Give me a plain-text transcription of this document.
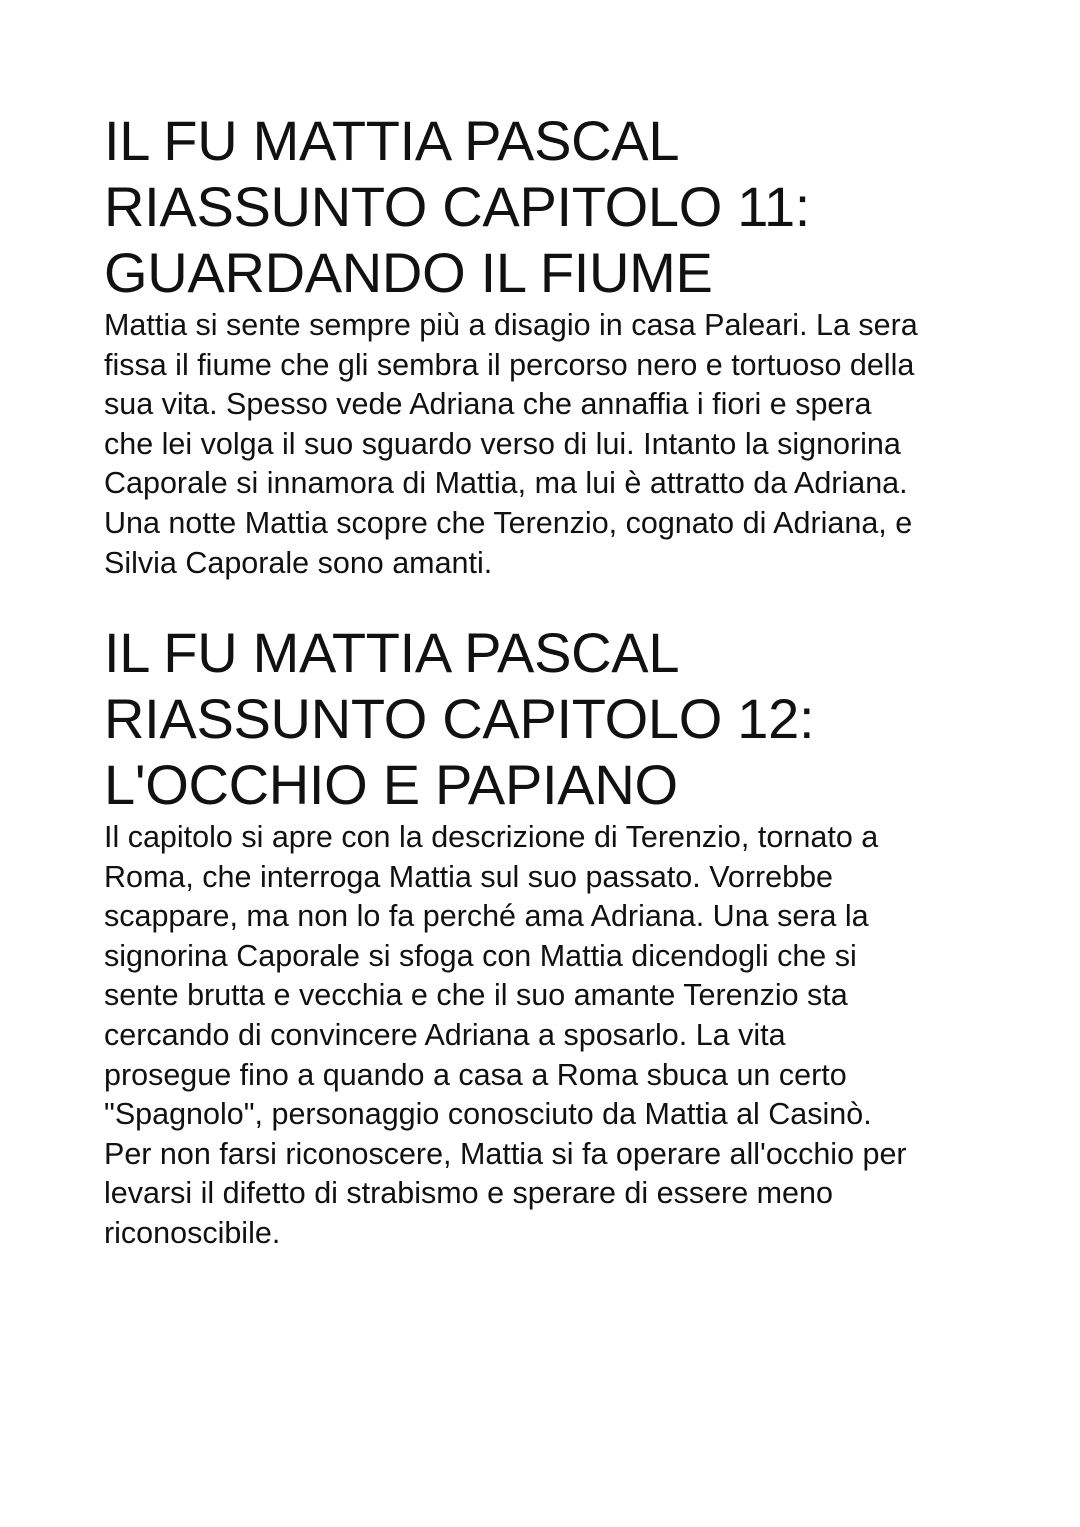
IL FU MATTIA PASCAL
RIASSUNTO CAPITOLO 11:
GUARDANDO IL FIUME
Mattia si sente sempre più a disagio in casa Paleari. La sera
fissa il fiume che gli sembra il percorso nero e tortuoso della
sua vita. Spesso vede Adriana che annaffia i fiori e spera
che lei volga il suo sguardo verso di lui. Intanto la signorina
Caporale si innamora di Mattia, ma lui è attratto da Adriana.
Una notte Mattia scopre che Terenzio, cognato di Adriana, e
Silvia Caporale sono amanti.
IL FU MATTIA PASCAL
RIASSUNTO CAPITOLO 12:
L'OCCHIO E PAPIANO
Il capitolo si apre con la descrizione di Terenzio, tornato a
Roma, che interroga Mattia sul suo passato. Vorrebbe
scappare, ma non lo fa perché ama Adriana. Una sera la
signorina Caporale si sfoga con Mattia dicendogli che si
sente brutta e vecchia e che il suo amante Terenzio sta
cercando di convincere Adriana a sposarlo. La vita
prosegue fino a quando a casa a Roma sbuca un certo
"Spagnolo", personaggio conosciuto da Mattia al Casinò.
Per non farsi riconoscere, Mattia si fa operare all'occhio per
levarsi il difetto di strabismo e sperare di essere meno
riconoscibile.
